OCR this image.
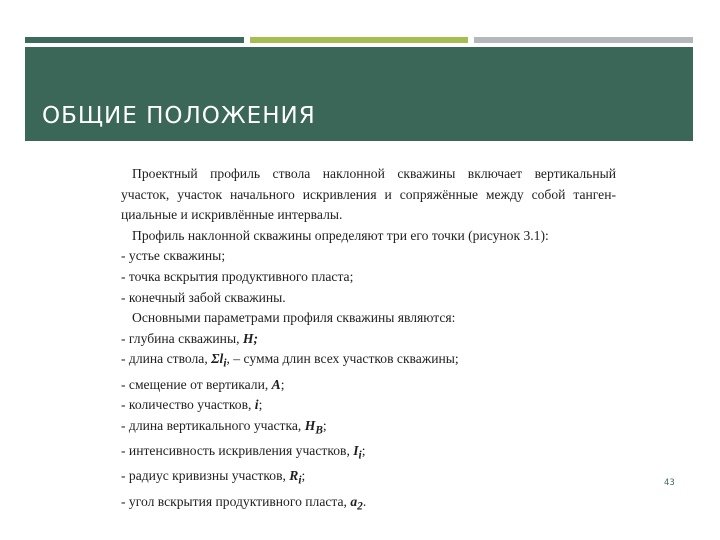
ОБЩИЕ ПОЛОЖЕНИЯ
Проектный профиль ствола наклонной скважины включает вертикальный
участок, участок начального искривления и сопряжённые между собой танген-
циальные и искривлённые интервалы.
Профиль наклонной скважины определяют три его точки (рисунок 3.1):
- устье скважины;
- точка вскрытия продуктивного пласта;
- конечный забой скважины.
Основными параметрами профиля скважины являются:
- глубина скважины, H;
- длина ствола, $\Sigma l_i$, – сумма длин всех участков скважины;
- смещение от вертикали, A;
- количество участков, i;
- длина вертикального участка, $H_B$;
- интенсивность искривления участков, $I_i$;
- радиус кривизны участков, $R_i$;
- угол вскрытия продуктивного пласта, $a_2$.
43
